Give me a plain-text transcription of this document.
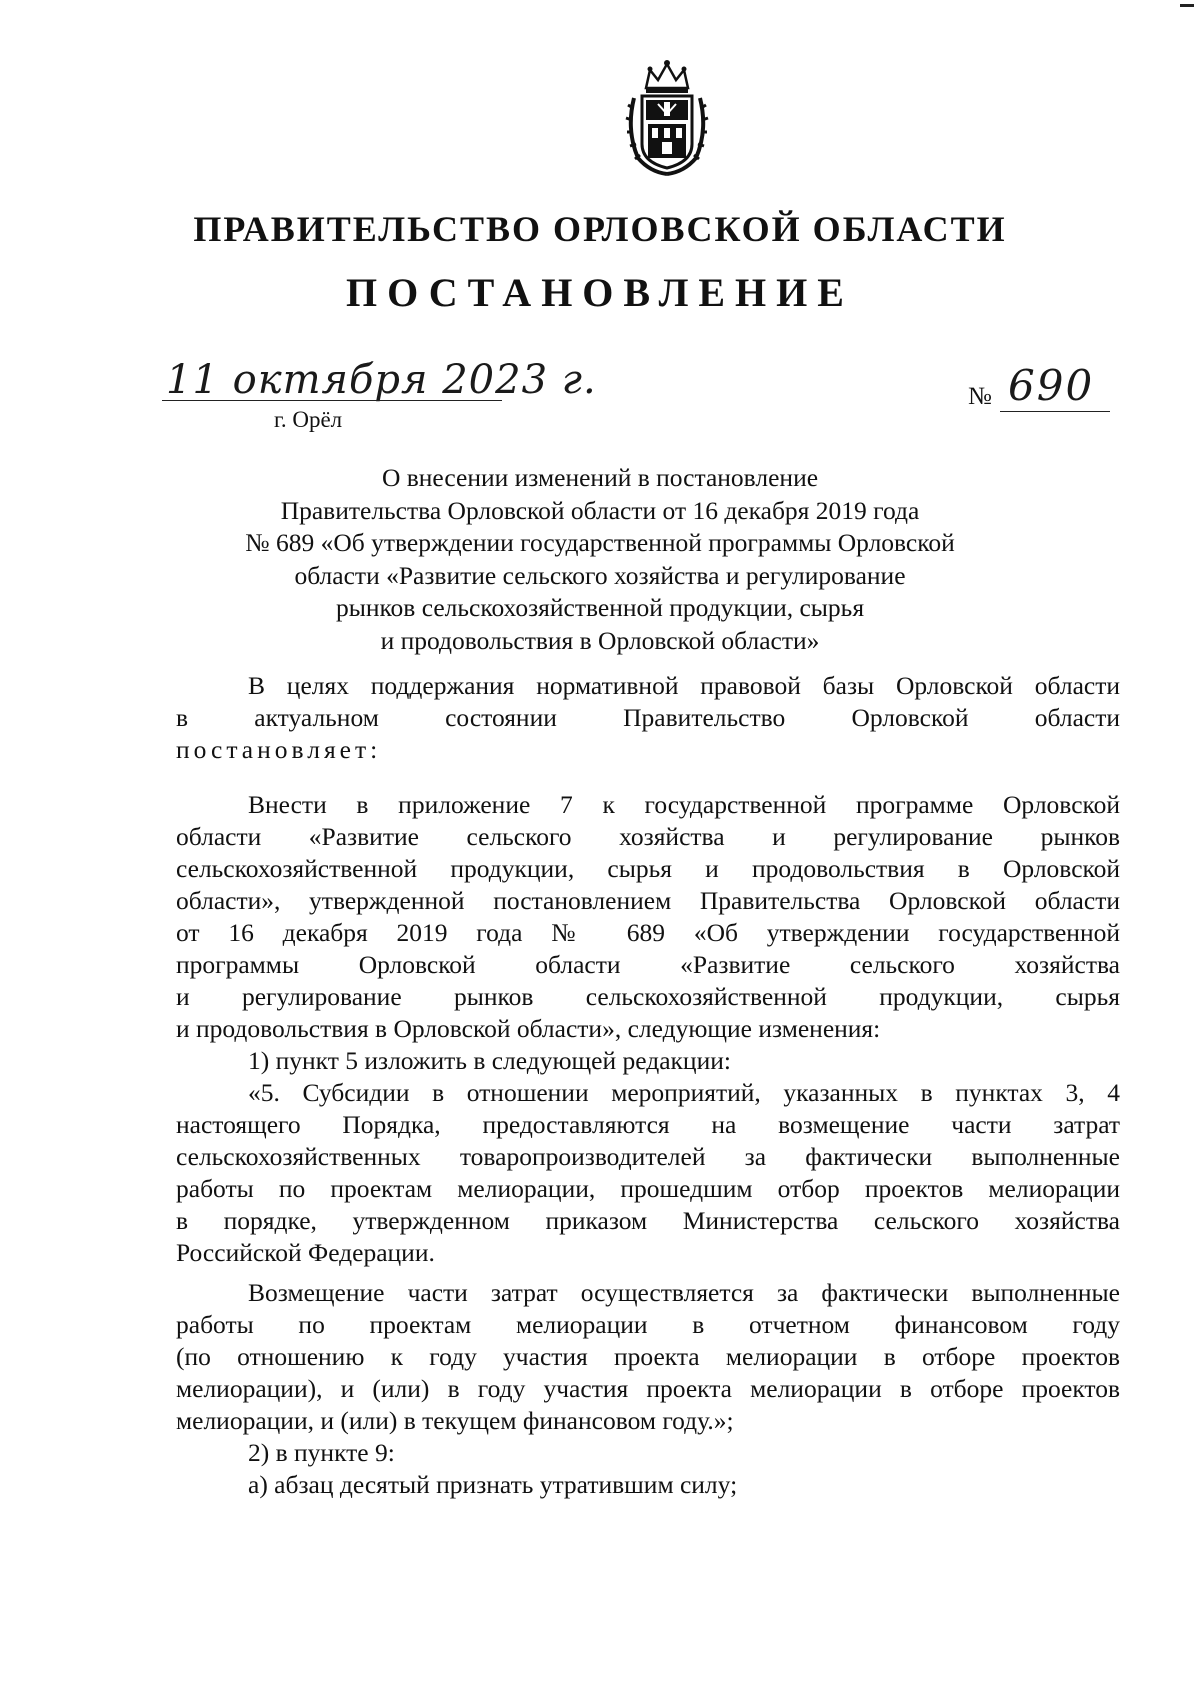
ПРАВИТЕЛЬСТВО ОРЛОВСКОЙ ОБЛАСТИ
ПОСТАНОВЛЕНИЕ
11 октября 2023 г.
г. Орёл
№ 690
О внесении изменений в постановление
Правительства Орловской области от 16 декабря 2019 года
№ 689 «Об утверждении государственной программы Орловской
области «Развитие сельского хозяйства и регулирование
рынков сельскохозяйственной продукции, сырья
и продовольствия в Орловской области»
В целях поддержания нормативной правовой базы Орловской области
в актуальном состоянии Правительство Орловской области
постановляет:
Внести в приложение 7 к государственной программе Орловской
области «Развитие сельского хозяйства и регулирование рынков
сельскохозяйственной продукции, сырья и продовольствия в Орловской
области», утвержденной постановлением Правительства Орловской области
от 16 декабря 2019 года № 689 «Об утверждении государственной
программы Орловской области «Развитие сельского хозяйства
и регулирование рынков сельскохозяйственной продукции, сырья
и продовольствия в Орловской области», следующие изменения:
1) пункт 5 изложить в следующей редакции:
«5. Субсидии в отношении мероприятий, указанных в пунктах 3, 4
настоящего Порядка, предоставляются на возмещение части затрат
сельскохозяйственных товаропроизводителей за фактически выполненные
работы по проектам мелиорации, прошедшим отбор проектов мелиорации
в порядке, утвержденном приказом Министерства сельского хозяйства
Российской Федерации.
Возмещение части затрат осуществляется за фактически выполненные
работы по проектам мелиорации в отчетном финансовом году
(по отношению к году участия проекта мелиорации в отборе проектов
мелиорации), и (или) в году участия проекта мелиорации в отборе проектов
мелиорации, и (или) в текущем финансовом году.»;
2) в пункте 9:
а) абзац десятый признать утратившим силу;
